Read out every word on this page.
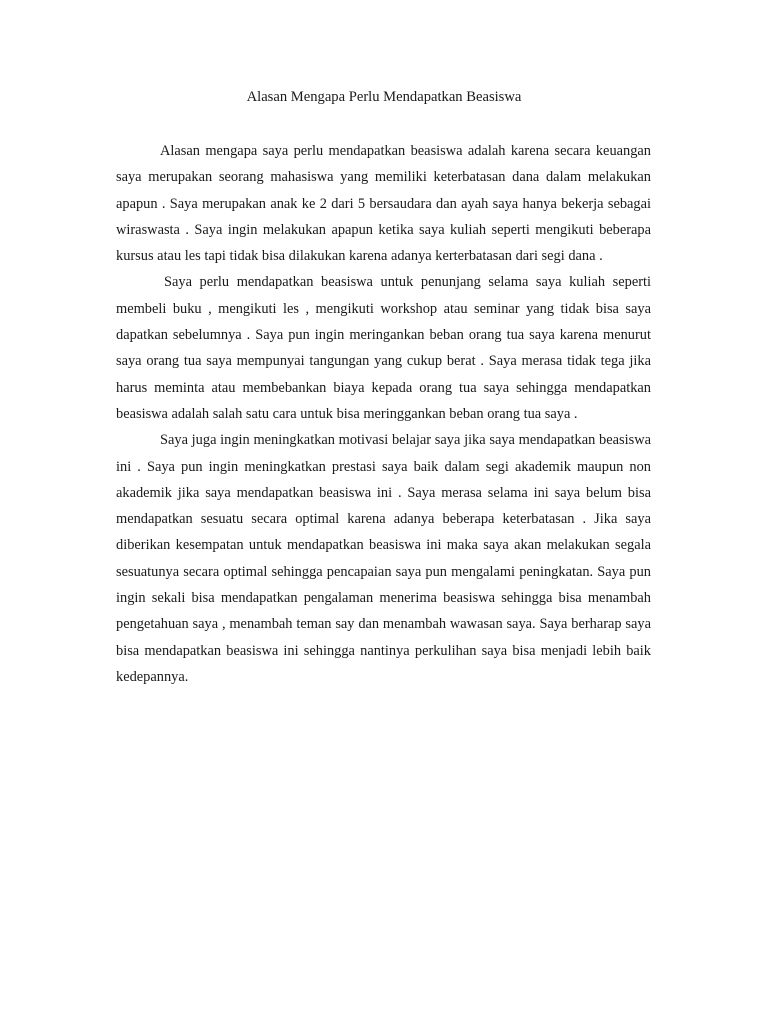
Alasan Mengapa Perlu Mendapatkan Beasiswa

Alasan mengapa saya perlu mendapatkan beasiswa adalah karena secara keuangan saya merupakan seorang mahasiswa yang memiliki keterbatasan dana dalam melakukan apapun . Saya merupakan anak ke 2 dari 5 bersaudara dan ayah saya hanya bekerja sebagai wiraswasta . Saya ingin melakukan apapun ketika saya kuliah seperti mengikuti beberapa kursus atau les tapi tidak bisa dilakukan karena adanya kerterbatasan dari segi dana .

Saya perlu mendapatkan beasiswa untuk penunjang selama saya kuliah seperti membeli buku , mengikuti les , mengikuti workshop atau seminar yang tidak bisa saya dapatkan sebelumnya . Saya pun ingin meringankan beban orang tua saya karena menurut saya orang tua saya mempunyai tangungan yang cukup berat . Saya merasa tidak tega jika harus meminta atau membebankan biaya kepada orang tua saya sehingga mendapatkan beasiswa adalah salah satu cara untuk bisa meringgankan beban orang tua saya .

Saya juga ingin meningkatkan motivasi belajar saya jika saya mendapatkan beasiswa ini . Saya pun ingin meningkatkan prestasi saya baik dalam segi akademik maupun non akademik jika saya mendapatkan beasiswa ini . Saya merasa selama ini saya belum bisa mendapatkan sesuatu secara optimal karena adanya beberapa keterbatasan . Jika saya diberikan kesempatan untuk mendapatkan beasiswa ini maka saya akan melakukan segala sesuatunya secara optimal sehingga pencapaian saya pun mengalami peningkatan. Saya pun ingin sekali bisa mendapatkan pengalaman menerima beasiswa sehingga bisa menambah pengetahuan saya , menambah teman say dan menambah wawasan saya. Saya berharap saya bisa mendapatkan beasiswa ini sehingga nantinya perkulihan saya bisa menjadi lebih baik kedepannya.
